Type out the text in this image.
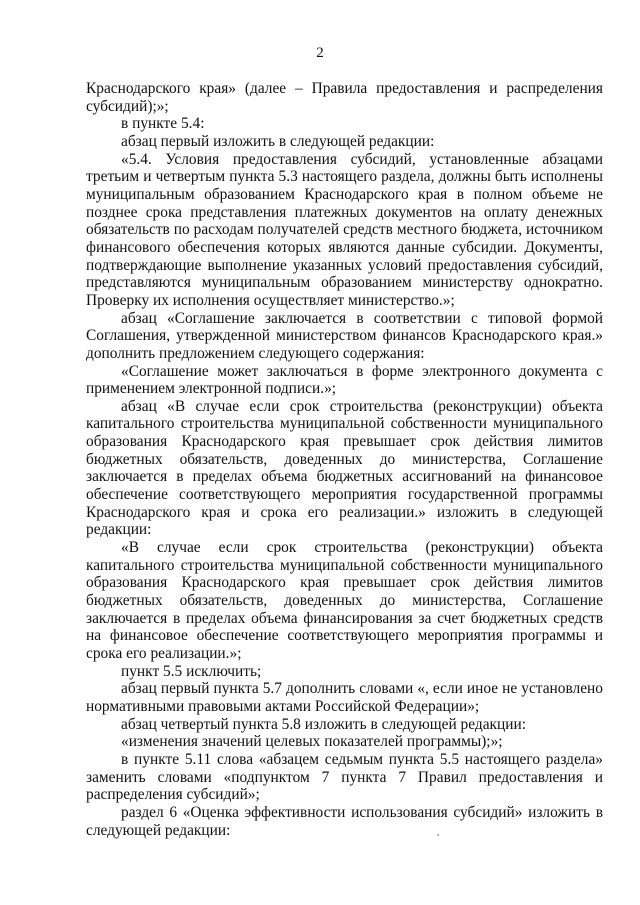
2

Краснодарского края» (далее – Правила предоставления и распределения субсидий);»;

в пункте 5.4:

абзац первый изложить в следующей редакции:

«5.4. Условия предоставления субсидий, установленные абзацами третьим и четвертым пункта 5.3 настоящего раздела, должны быть исполнены муниципальным образованием Краснодарского края в полном объеме не позднее срока представления платежных документов на оплату денежных обязательств по расходам получателей средств местного бюджета, источником финансового обеспечения которых являются данные субсидии. Документы, подтверждающие выполнение указанных условий предоставления субсидий, представляются муниципальным образованием министерству однократно. Проверку их исполнения осуществляет министерство.»;

абзац «Соглашение заключается в соответствии с типовой формой Соглашения, утвержденной министерством финансов Краснодарского края.» дополнить предложением следующего содержания:

«Соглашение может заключаться в форме электронного документа с применением электронной подписи.»;

абзац «В случае если срок строительства (реконструкции) объекта капитального строительства муниципальной собственности муниципального образования Краснодарского края превышает срок действия лимитов бюджетных обязательств, доведенных до министерства, Соглашение заключается в пределах объема бюджетных ассигнований на финансовое обеспечение соответствующего мероприятия государственной программы Краснодарского края и срока его реализации.» изложить в следующей редакции:

«В случае если срок строительства (реконструкции) объекта капитального строительства муниципальной собственности муниципального образования Краснодарского края превышает срок действия лимитов бюджетных обязательств, доведенных до министерства, Соглашение заключается в пределах объема финансирования за счет бюджетных средств на финансовое обеспечение соответствующего мероприятия программы и срока его реализации.»;

пункт 5.5 исключить;

абзац первый пункта 5.7 дополнить словами «, если иное не установлено нормативными правовыми актами Российской Федерации»;

абзац четвертый пункта 5.8 изложить в следующей редакции:

«изменения значений целевых показателей программы);»;

в пункте 5.11 слова «абзацем седьмым пункта 5.5 настоящего раздела» заменить словами «подпунктом 7 пункта 7 Правил предоставления и распределения субсидий»;

раздел 6 «Оценка эффективности использования субсидий» изложить в следующей редакции:
